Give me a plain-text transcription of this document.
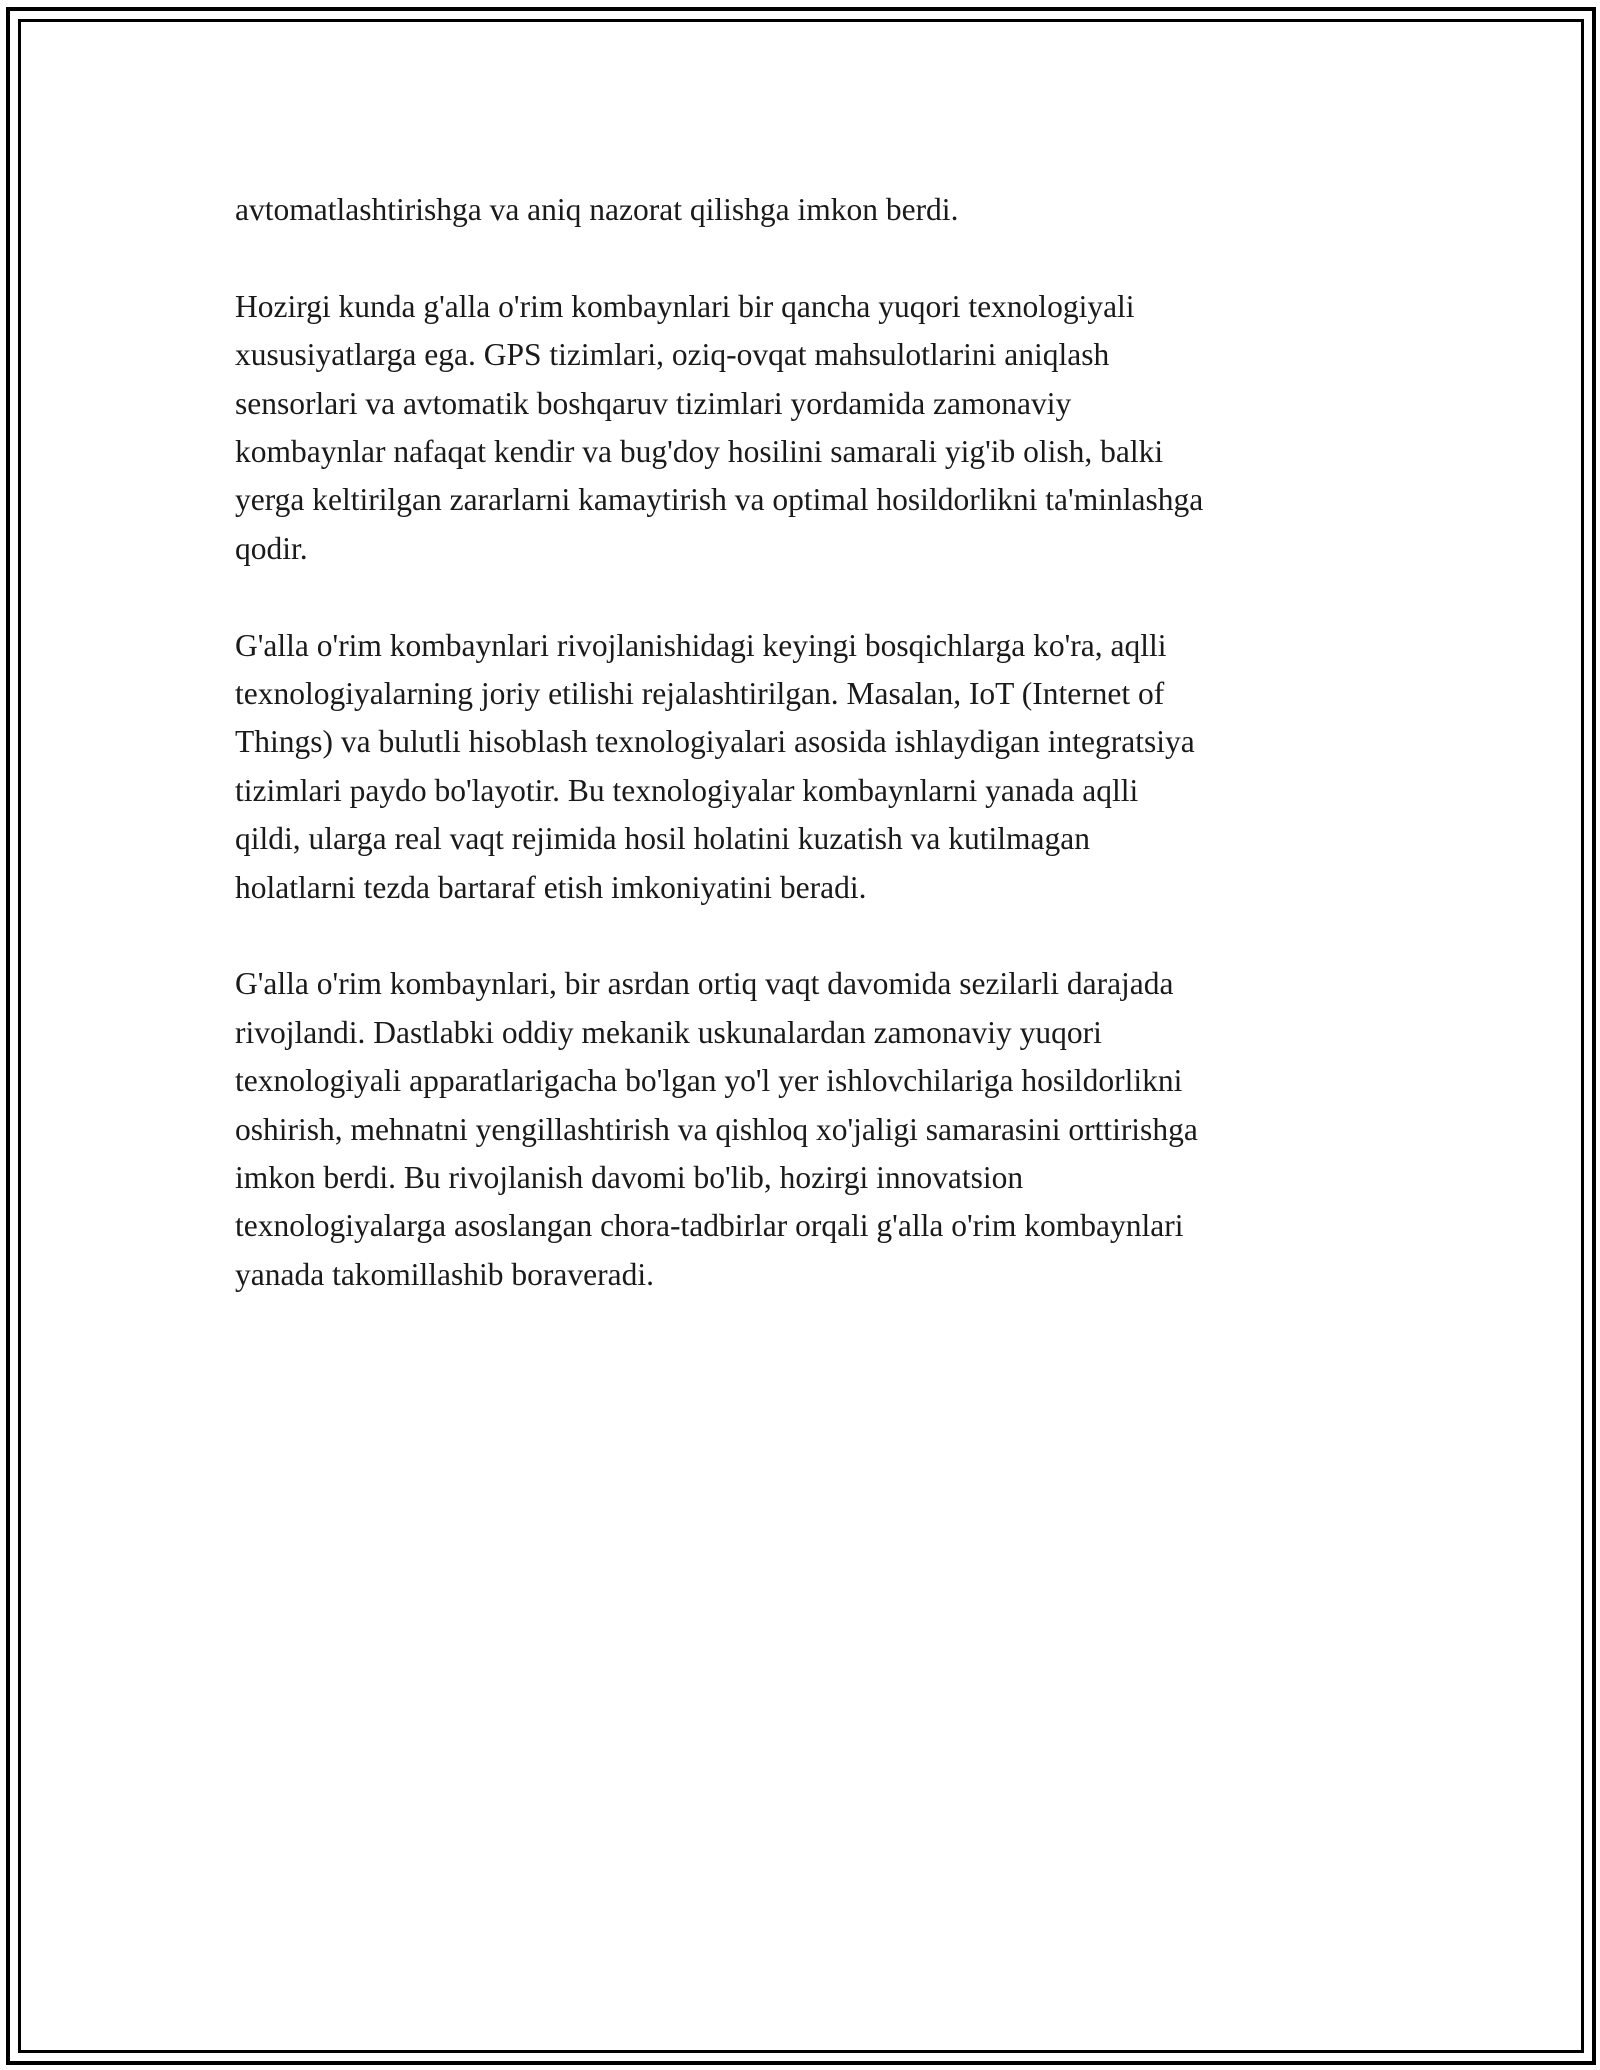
avtomatlashtirishga va aniq nazorat qilishga imkon berdi.

Hozirgi kunda g'alla o'rim kombaynlari bir qancha yuqori texnologiyali
xususiyatlarga ega. GPS tizimlari, oziq-ovqat mahsulotlarini aniqlash
sensorlari va avtomatik boshqaruv tizimlari yordamida zamonaviy
kombaynlar nafaqat kendir va bug'doy hosilini samarali yig'ib olish, balki
yerga keltirilgan zararlarni kamaytirish va optimal hosildorlikni ta'minlashga
qodir.

G'alla o'rim kombaynlari rivojlanishidagi keyingi bosqichlarga ko'ra, aqlli
texnologiyalarning joriy etilishi rejalashtirilgan. Masalan, IoT (Internet of
Things) va bulutli hisoblash texnologiyalari asosida ishlaydigan integratsiya
tizimlari paydo bo'layotir. Bu texnologiyalar kombaynlarni yanada aqlli
qildi, ularga real vaqt rejimida hosil holatini kuzatish va kutilmagan
holatlarni tezda bartaraf etish imkoniyatini beradi.

G'alla o'rim kombaynlari, bir asrdan ortiq vaqt davomida sezilarli darajada
rivojlandi. Dastlabki oddiy mekanik uskunalardan zamonaviy yuqori
texnologiyali apparatlarigacha bo'lgan yo'l yer ishlovchilariga hosildorlikni
oshirish, mehnatni yengillashtirish va qishloq xo'jaligi samarasini orttirishga
imkon berdi. Bu rivojlanish davomi bo'lib, hozirgi innovatsion
texnologiyalarga asoslangan chora-tadbirlar orqali g'alla o'rim kombaynlari
yanada takomillashib boraveradi.
